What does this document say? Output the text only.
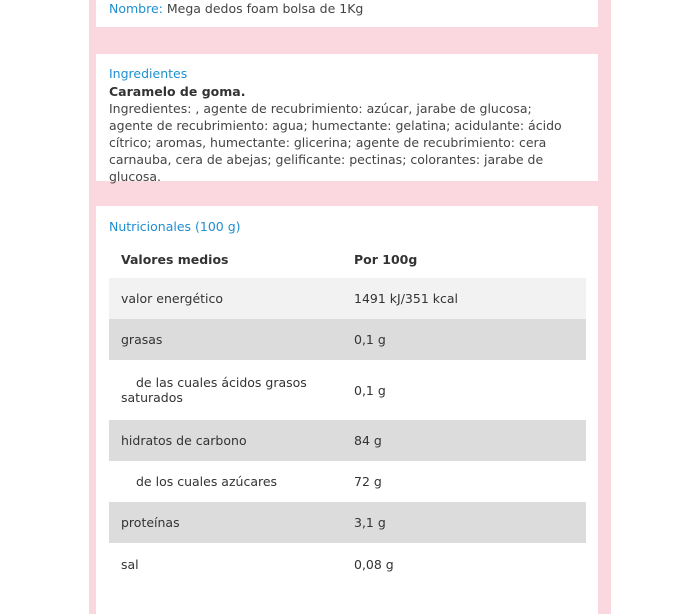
Nombre: Mega dedos foam bolsa de 1Kg
Ingredientes
Caramelo de goma.
Ingredientes: , agente de recubrimiento: azúcar, jarabe de glucosa; agente de recubrimiento: agua; humectante: gelatina; acidulante: ácido cítrico; aromas, humectante: glicerina; agente de recubrimiento: cera carnauba, cera de abejas; gelificante: pectinas; colorantes: jarabe de glucosa.
Nutricionales (100 g)
Valores medios	Por 100g
valor energético	1491 kJ/351 kcal
grasas	0,1 g

de las cuales ácidos grasos saturados	0,1 g
hidratos de carbono	84 g

de los cuales azúcares	72 g
proteínas	3,1 g
sal	0,08 g
